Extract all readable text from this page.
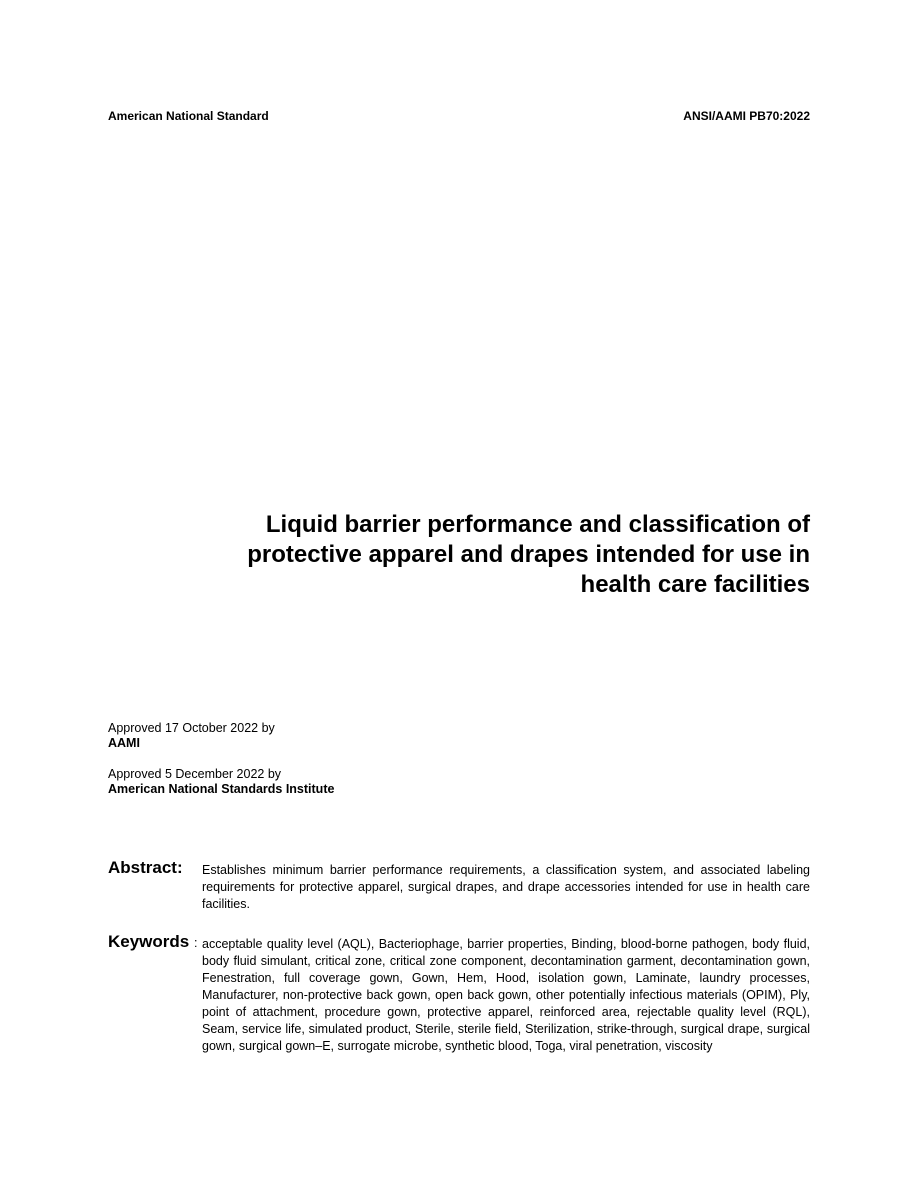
American National Standard	ANSI/AAMI PB70:2022
Liquid barrier performance and classification of
protective apparel and drapes intended for use in
health care facilities
Approved 17 October 2022 by
AAMI
Approved 5 December 2022 by
American National Standards Institute
Abstract: Establishes minimum barrier performance requirements, a classification system, and associated labeling requirements for protective apparel, surgical drapes, and drape accessories intended for use in health care facilities.
Keywords : acceptable quality level (AQL), Bacteriophage, barrier properties, Binding, blood-borne pathogen, body fluid, body fluid simulant, critical zone, critical zone component, decontamination garment, decontamination gown, Fenestration, full coverage gown, Gown, Hem, Hood, isolation gown, Laminate, laundry processes, Manufacturer, non-protective back gown, open back gown, other potentially infectious materials (OPIM), Ply, point of attachment, procedure gown, protective apparel, reinforced area, rejectable quality level (RQL), Seam, service life, simulated product, Sterile, sterile field, Sterilization, strike-through, surgical drape, surgical gown, surgical gown–E, surrogate microbe, synthetic blood, Toga, viral penetration, viscosity
